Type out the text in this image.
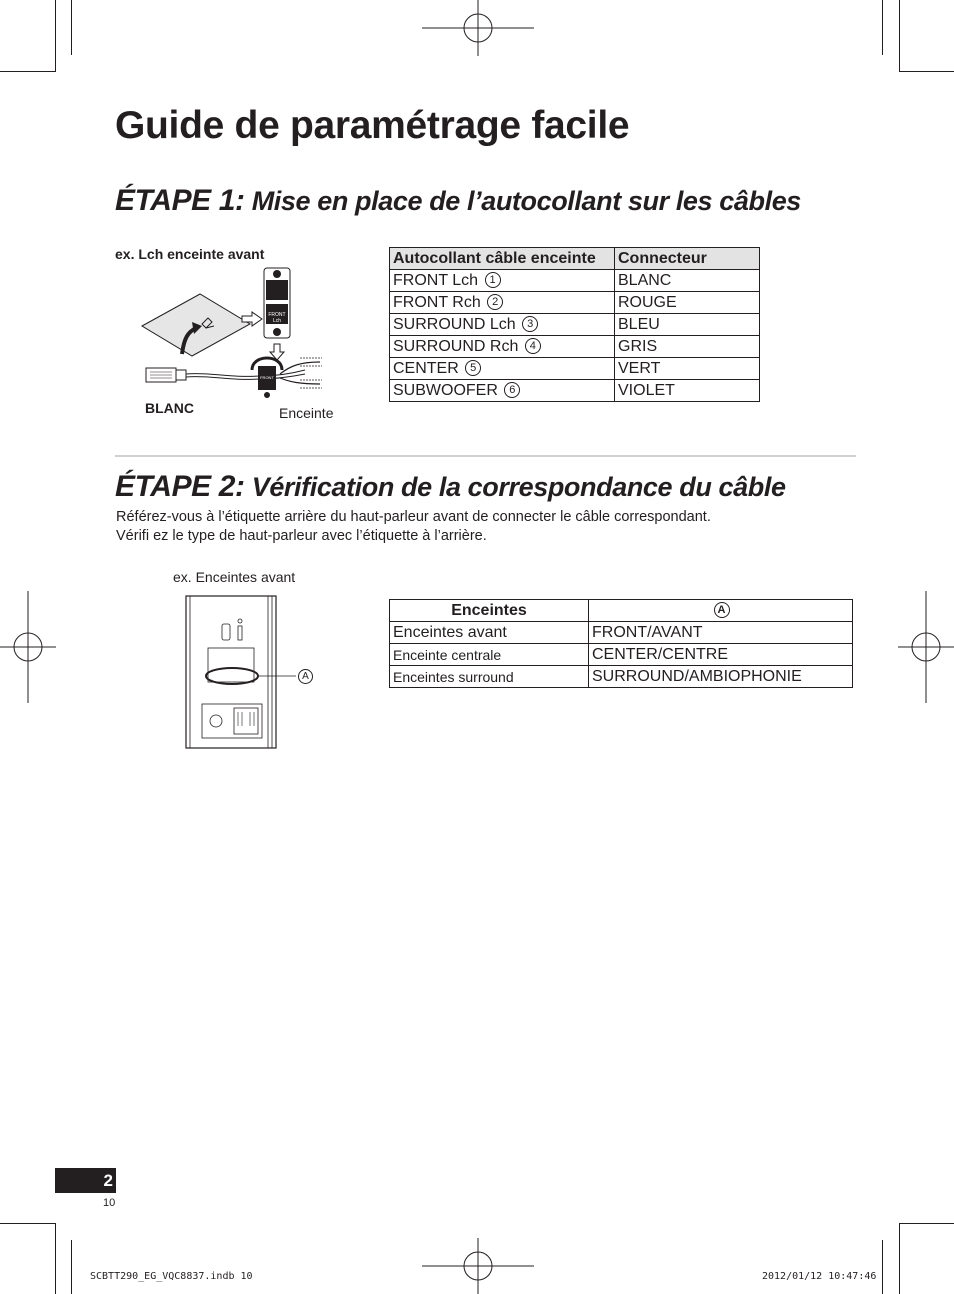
Guide de paramétrage facile
ÉTAPE 1: Mise en place de l’autocollant sur les câbles
ex. Lch enceinte avant
FRONT
Lch
FRONT
BLANC	Enceinte
Autocollant câble enceinte	Connecteur
FRONT Lch 1	BLANC
FRONT Rch 2	ROUGE
SURROUND Lch 3	BLEU
SURROUND Rch 4	GRIS
CENTER 5	VERT
SUBWOOFER 6	VIOLET
ÉTAPE 2: Vérification de la correspondance du câble
Référez-vous à l’étiquette arrière du haut-parleur avant de connecter le câble correspondant.
Vérifi ez le type de haut-parleur avec l’étiquette à l’arrière.
ex. Enceintes avant
A
Enceintes	A
Enceintes avant	FRONT/AVANT
Enceinte centrale	CENTER/CENTRE
Enceintes surround	SURROUND/AMBIOPHONIE
2
10
SCBTT290_EG_VQC8837.indb 10	2012/01/12 10:47:46
